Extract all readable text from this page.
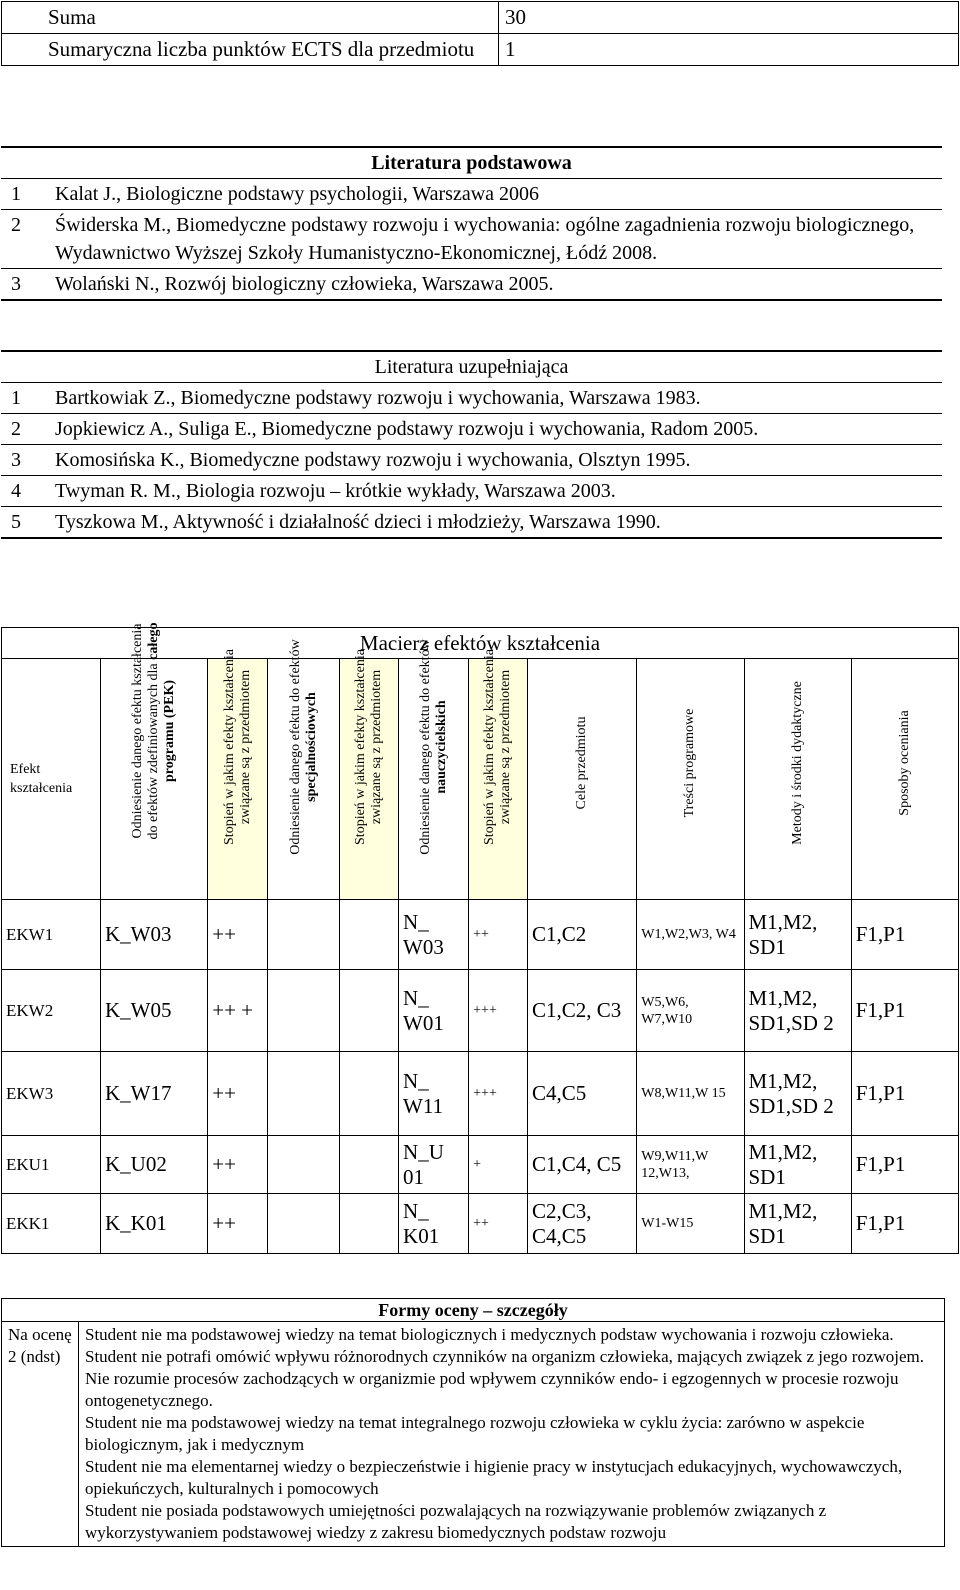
Suma	30
Sumaryczna liczba punktów ECTS dla przedmiotu	1
Literatura podstawowa	
1	Kalat J., Biologiczne podstawy psychologii, Warszawa 2006
2	Świderska M., Biomedyczne podstawy rozwoju i wychowania: ogólne zagadnienia rozwoju biologicznego, Wydawnictwo Wyższej Szkoły Humanistyczno-Ekonomicznej, Łódź 2008.
3	Wolański N., Rozwój biologiczny człowieka, Warszawa 2005.
Literatura uzupełniająca	
1	Bartkowiak Z., Biomedyczne podstawy rozwoju i wychowania, Warszawa 1983.
2	Jopkiewicz A., Suliga E., Biomedyczne podstawy rozwoju i wychowania, Radom 2005.
3	Komosińska K., Biomedyczne podstawy rozwoju i wychowania, Olsztyn 1995.
4	Twyman R. M., Biologia rozwoju – krótkie wykłady, Warszawa 2003.
5	Tyszkowa M., Aktywność i działalność dzieci i młodzieży, Warszawa 1990.
Macierz efektów kształcenia										
Efekt kształcenia	Odniesienie danego efektu kształcenia do efektów zdefiniowanych dla całego programu (PEK)	Stopień w jakim efekty kształcenia związane są z przedmiotem	Odniesienie danego efektu do efektów specjalnościowych	Stopień w jakim efekty kształcenia związane są z przedmiotem	Odniesienie danego efektu do efektów nauczycielskich	Stopień w jakim efekty kształcenia związane są z przedmiotem	Cele przedmiotu	Treści programowe	Metody i środki dydaktyczne	Sposoby oceniania

EKW1	K_W03	++			N_ W03	++	C1,C2	W1,W2,W3, W4	M1,M2, SD1	F1,P1
EKW2	K_W05	++ +			N_ W01	+++	C1,C2, C3	W5,W6, W7,W10	M1,M2, SD1,SD 2	F1,P1
EKW3	K_W17	++			N_ W11	+++	C4,C5	W8,W11,W 15	M1,M2, SD1,SD 2	F1,P1
EKU1	K_U02	++			N_U 01	+	C1,C4, C5	W9,W11,W 12,W13,	M1,M2, SD1	F1,P1
EKK1	K_K01	++			N_ K01	++	C2,C3, C4,C5	W1-W15	M1,M2, SD1	F1,P1
Formy oceny – szczegóły
Na ocenę 2 (ndst)	
Student nie ma podstawowej wiedzy na temat biologicznych i medycznych podstaw wychowania i rozwoju człowieka.
Student nie potrafi omówić wpływu różnorodnych czynników na organizm człowieka, mających związek z jego rozwojem. Nie rozumie procesów zachodzących w organizmie pod wpływem czynników endo- i egzogennych w procesie rozwoju ontogenetycznego.
Student nie ma podstawowej wiedzy na temat integralnego rozwoju człowieka w cyklu życia: zarówno w aspekcie biologicznym, jak i medycznym
Student nie ma elementarnej wiedzy o bezpieczeństwie i higienie pracy w instytucjach edukacyjnych, wychowawczych, opiekuńczych, kulturalnych i pomocowych
Student nie posiada podstawowych umiejętności pozwalających na rozwiązywanie problemów związanych z wykorzystywaniem podstawowej wiedzy z zakresu biomedycznych podstaw rozwoju
